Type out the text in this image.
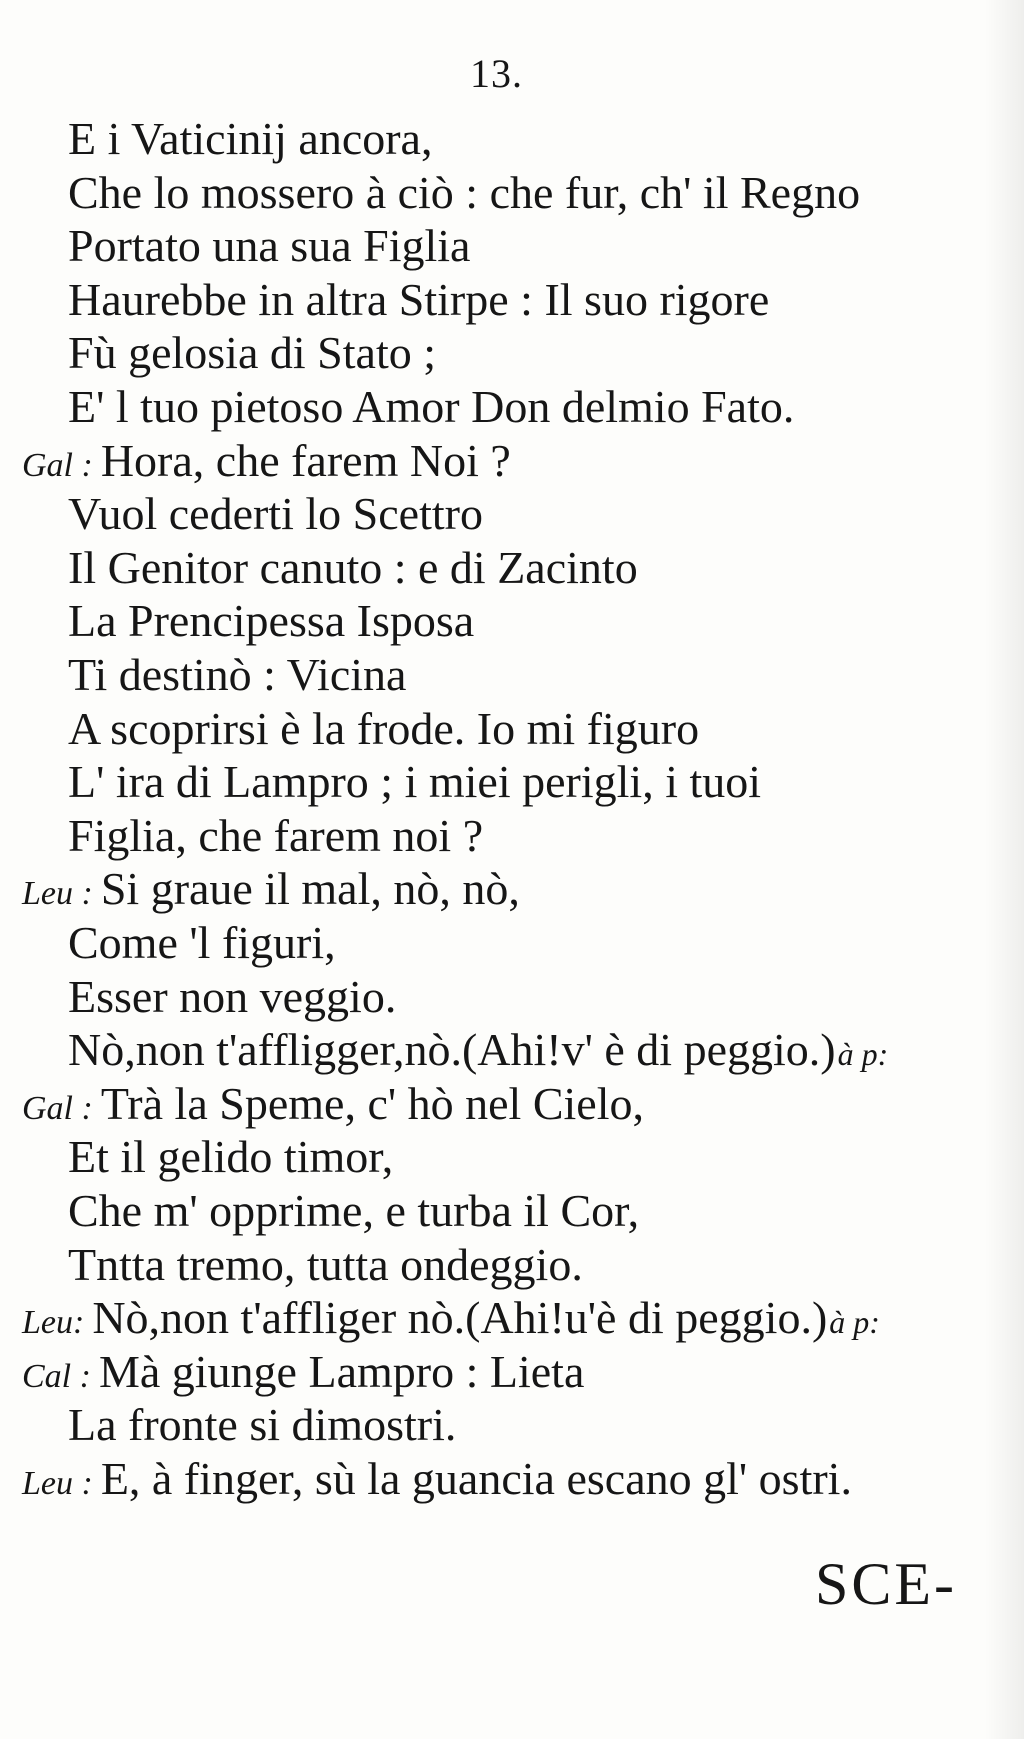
13.
E i Vaticinij ancora,
Che lo mossero à ciò : che fur, ch' il Regno
Portato una sua Figlia
Haurebbe in altra Stirpe : Il suo rigore
Fù gelosia di Stato ;
E' l tuo pietoso Amor Don delmio Fato.
Gal : Hora, che farem Noi ?
Vuol cederti lo Scettro
Il Genitor canuto : e di Zacinto
La Prencipessa Isposa
Ti destinò : Vicina
A scoprirsi è la frode. Io mi figuro
L' ira di Lampro ; i miei perigli, i tuoi
Figlia, che farem noi ?
Leu : Si graue il mal, nò, nò,
Come 'l figuri,
Esser non veggio.
Nò,non t'affligger,nò.(Ahi!v' è di peggio.)à p:
Gal : Trà la Speme, c' hò nel Cielo,
Et il gelido timor,
Che m' opprime, e turba il Cor,
Tntta tremo, tutta ondeggio.
Leu: Nò,non t'affliger nò.(Ahi!u'è di peggio.)à p:
Cal : Mà giunge Lampro : Lieta
La fronte si dimostri.
Leu : E, à finger, sù la guancia escano gl' ostri.
SCE-
